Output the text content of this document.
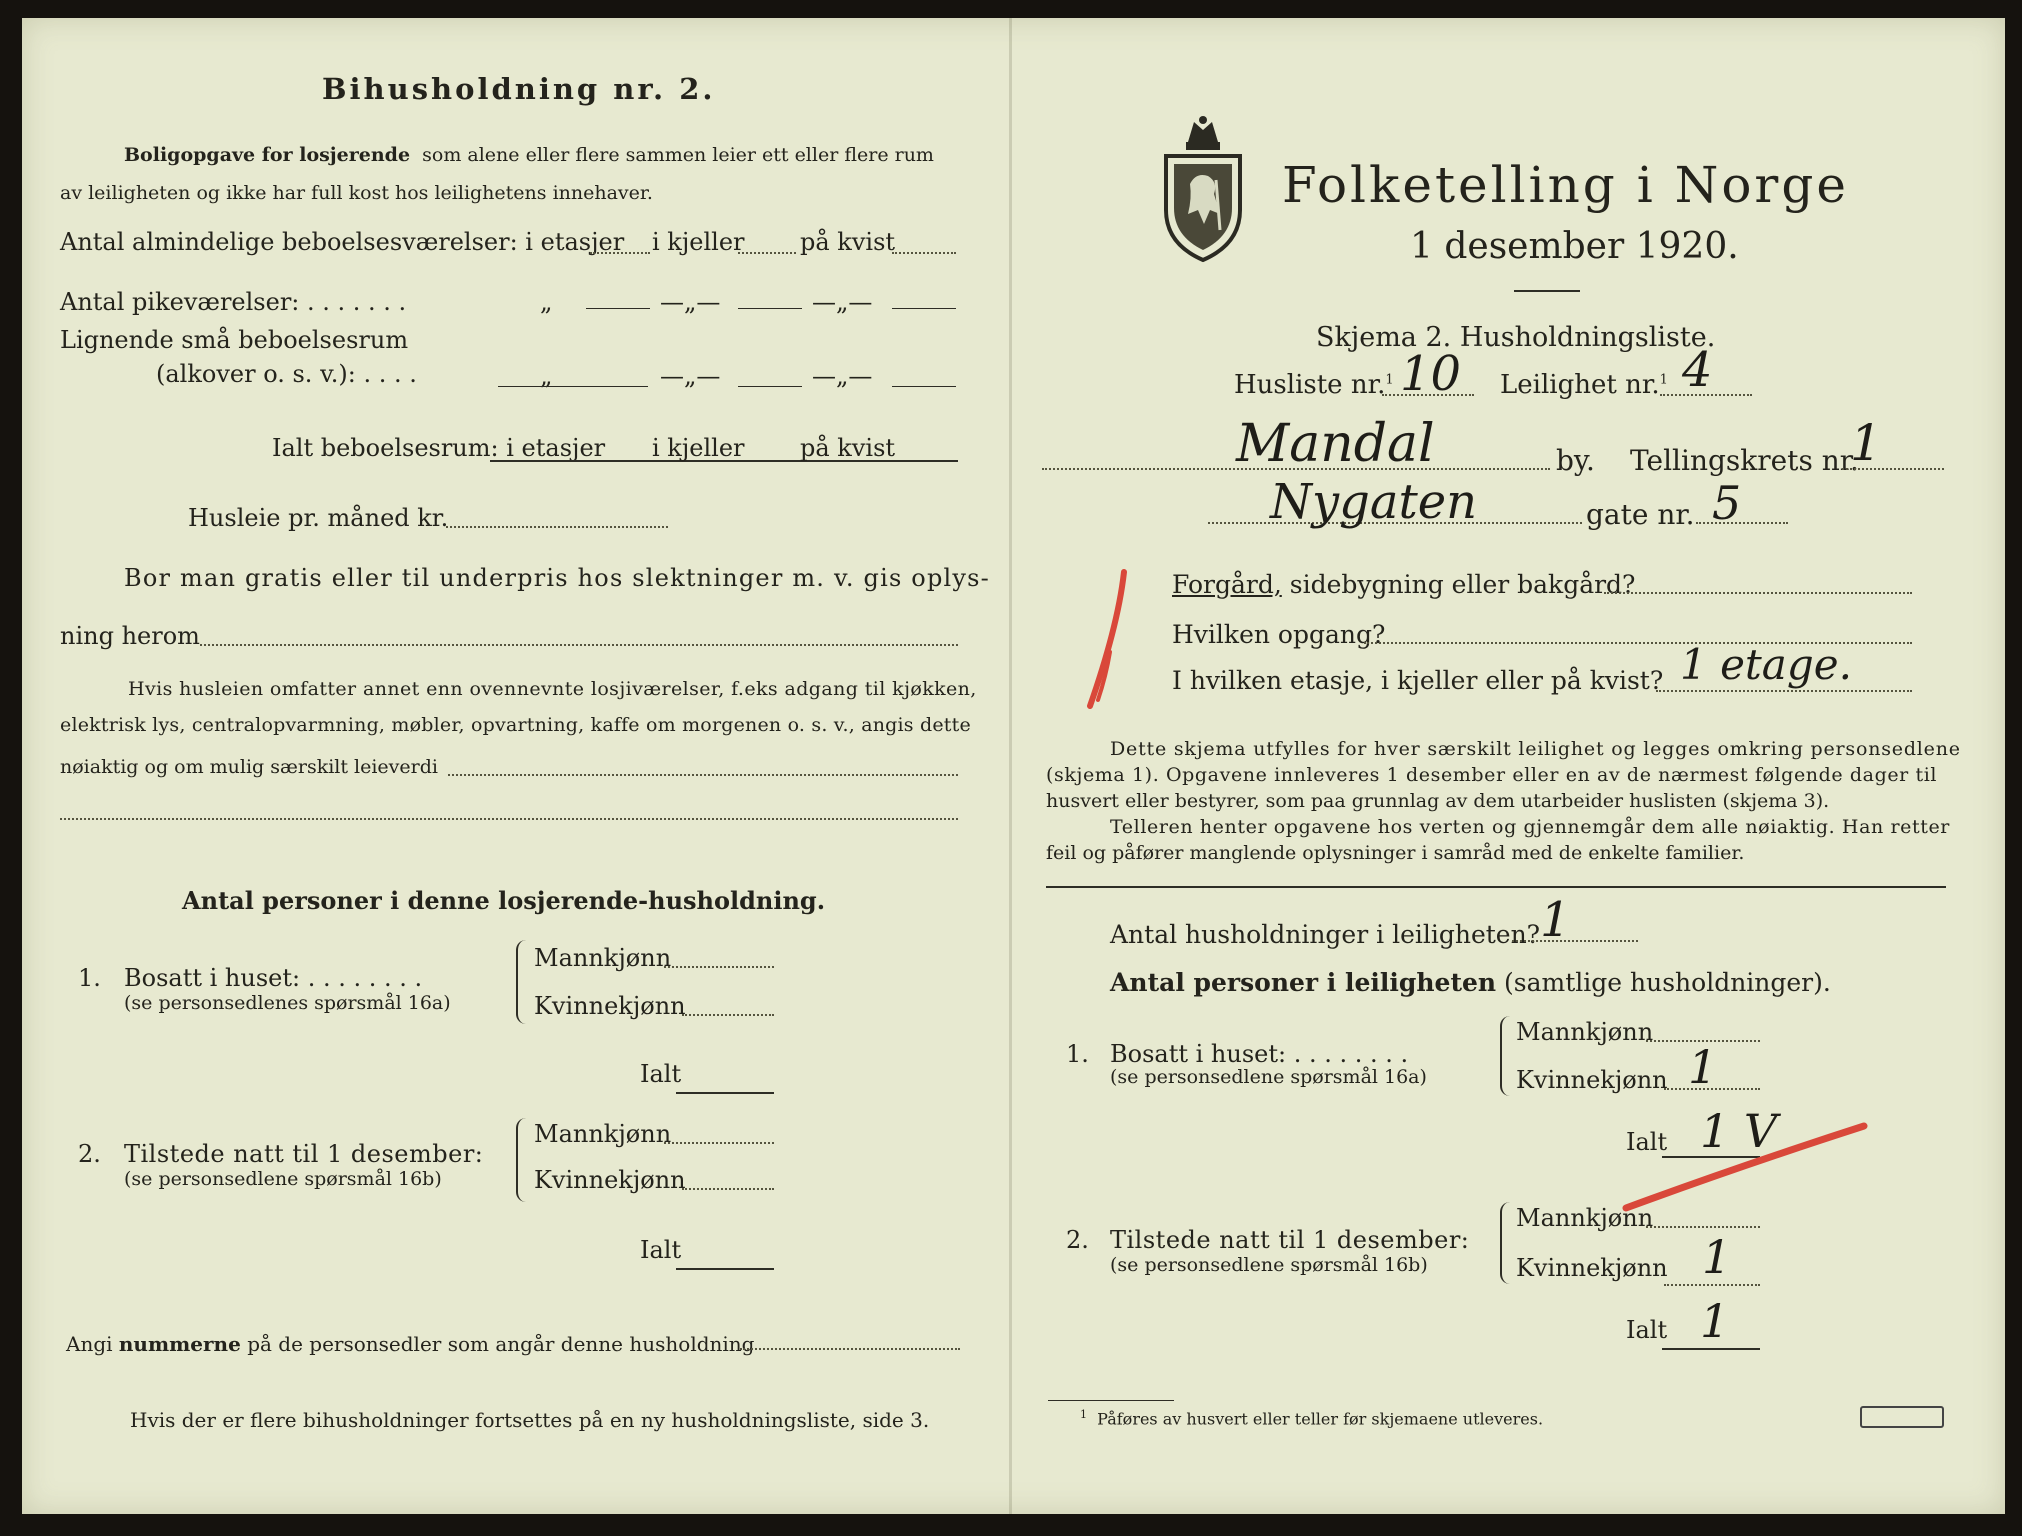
Bihusholdning nr. 2.
Boligopgave for losjerende som alene eller flere sammen leier ett eller flere rum
av leiligheten og ikke har full kost hos leilighetens innehaver.
Antal almindelige beboelsesværelser: i etasjer i kjeller på kvist
Antal pikeværelser: . . . . . . .	„	—„—	—„—
Lignende små beboelsesrum
(alkover o. s. v.): . . . .	„	—„—	—„—
Ialt beboelsesrum: i etasjer i kjeller på kvist
Husleie pr. måned kr.
Bor man gratis eller til underpris hos slektninger m. v. gis oplys-
ning herom
Hvis husleien omfatter annet enn ovennevnte losjiværelser, f.eks adgang til kjøkken,
elektrisk lys, centralopvarmning, møbler, opvartning, kaffe om morgenen o. s. v., angis dette
nøiaktig og om mulig særskilt leieverdi
Antal personer i denne losjerende-husholdning.
1. Bosatt i huset: . . . . . . . .
(se personsedlenes spørsmål 16a)
Mannkjønn
Kvinnekjønn
Ialt
2. Tilstede natt til 1 desember:
(se personsedlene spørsmål 16b)
Mannkjønn
Kvinnekjønn
Ialt
Angi nummerne på de personsedler som angår denne husholdning
Hvis der er flere bihusholdninger fortsettes på en ny husholdningsliste, side 3.
Folketelling i Norge
1 desember 1920.
Skjema 2. Husholdningsliste.
Husliste nr.$^1$ 10 Leilighet nr.$^1$ 4
Mandal	by. Tellingskrets nr.
1
Nygaten	gate nr. 5
Forgård, sidebygning eller bakgård?
Hvilken opgang?
I hvilken etasje, i kjeller eller på kvist? 1 etage.
Dette skjema utfylles for hver særskilt leilighet og legges omkring personsedlene
(skjema 1). Opgavene innleveres 1 desember eller en av de nærmest følgende dager til
husvert eller bestyrer, som paa grunnlag av dem utarbeider huslisten (skjema 3).
Telleren henter opgavene hos verten og gjennemgår dem alle nøiaktig. Han retter
feil og påfører manglende oplysninger i samråd med de enkelte familier.
Antal husholdninger i leiligheten? 1
Antal personer i leiligheten (samtlige husholdninger).
1. Bosatt i huset: . . . . . . . .
(se personsedlene spørsmål 16a)
Mannkjønn
Kvinnekjønn 1
Ialt 1 V
2. Tilstede natt til 1 desember:
(se personsedlene spørsmål 16b)
Mannkjønn
Kvinnekjønn 1
Ialt 1
$^1$ Påføres av husvert eller teller før skjemaene utleveres.
